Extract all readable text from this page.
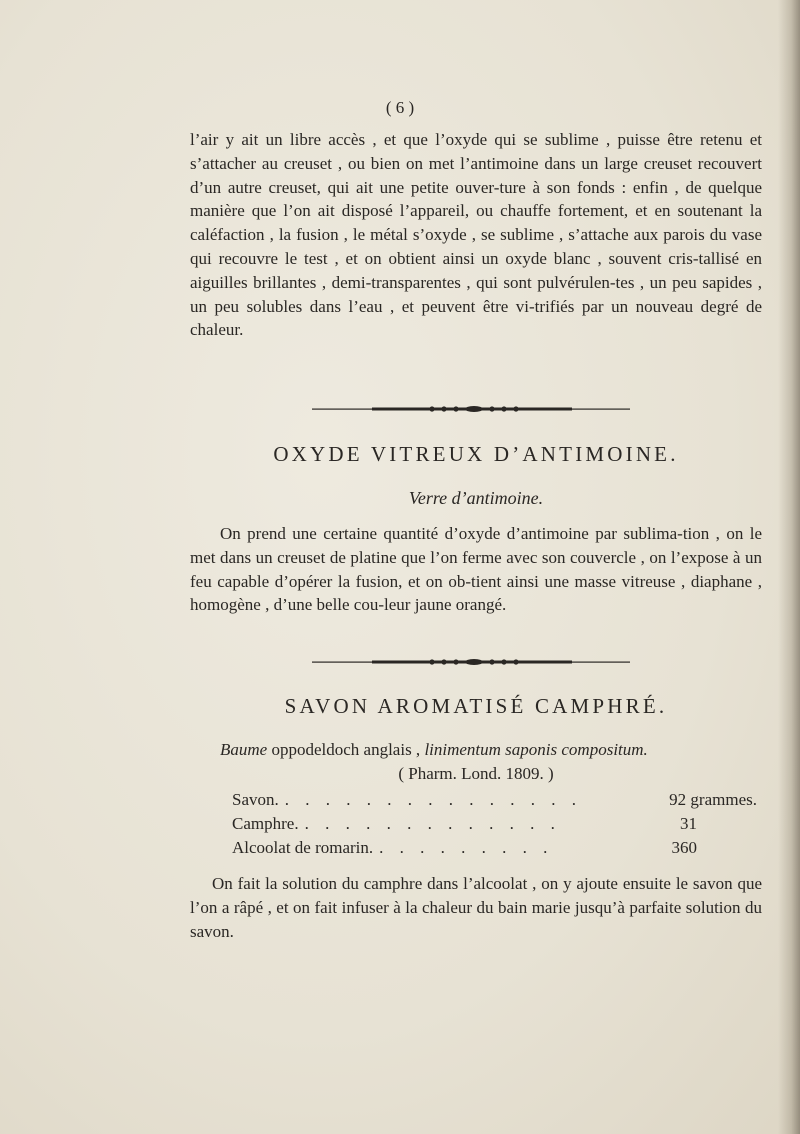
( 6 )
l’air y ait un libre accès , et que l’oxyde qui se sublime , puisse être retenu et s’attacher au creuset , ou bien on met l’antimoine dans un large creuset recouvert d’un autre creuset, qui ait une petite ouver-ture à son fonds : enfin , de quelque manière que l’on ait disposé l’appareil, ou chauffe fortement, et en soutenant la caléfaction , la fusion , le métal s’oxyde , se sublime , s’attache aux parois du vase qui recouvre le test , et on obtient ainsi un oxyde blanc , souvent cris-tallisé en aiguilles brillantes , demi-transparentes , qui sont pulvérulen-tes , un peu sapides , un peu solubles dans l’eau , et peuvent être vi-trifiés par un nouveau degré de chaleur.
OXYDE VITREUX D’ANTIMOINE.
Verre d’antimoine.
On prend une certaine quantité d’oxyde d’antimoine par sublima-tion , on le met dans un creuset de platine que l’on ferme avec son couvercle , on l’expose à un feu capable d’opérer la fusion, et on ob-tient ainsi une masse vitreuse , diaphane , homogène , d’une belle cou-leur jaune orangé.
SAVON AROMATISÉ CAMPHRÉ.
Baume oppodeldoch anglais , linimentum saponis compositum.
( Pharm. Lond. 1809. )
Savon. . . . . . . . . . . . . . . .	92 grammes.
Camphre. . . . . . . . . . . . . .	31
Alcoolat de romarin. . . . . . . . . .	360
On fait la solution du camphre dans l’alcoolat , on y ajoute ensuite le savon que l’on a râpé , et on fait infuser à la chaleur du bain marie jusqu’à parfaite solution du savon.
